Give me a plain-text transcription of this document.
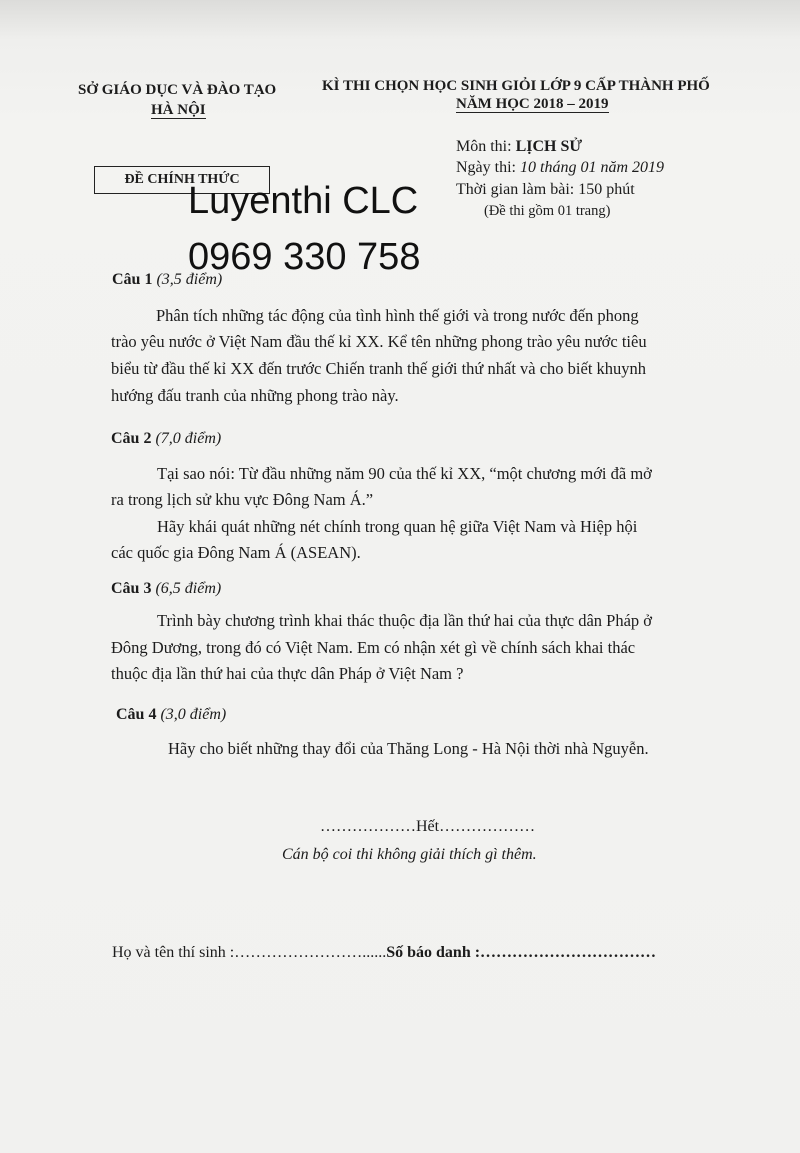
SỞ GIÁO DỤC VÀ ĐÀO TẠO
HÀ NỘI
KÌ THI CHỌN HỌC SINH GIỎI LỚP 9 CẤP THÀNH PHỐ
NĂM HỌC 2018 – 2019
Môn thi: LỊCH SỬ
Ngày thi: 10 tháng 01 năm 2019
Thời gian làm bài: 150 phút
(Đề thi gồm 01 trang)
ĐỀ CHÍNH THỨC
Luyenthi CLC
0969 330 758
Câu 1 (3,5 điểm)
Phân tích những tác động của tình hình thế giới và trong nước đến phong
trào yêu nước ở Việt Nam đầu thế kỉ XX. Kể tên những phong trào yêu nước tiêu
biểu từ đầu thế kỉ XX đến trước Chiến tranh thế giới thứ nhất và cho biết khuynh
hướng đấu tranh của những phong trào này.
Câu 2 (7,0 điểm)
Tại sao nói: Từ đầu những năm 90 của thế kỉ XX, “một chương mới đã mở
ra trong lịch sử khu vực Đông Nam Á.”
Hãy khái quát những nét chính trong quan hệ giữa Việt Nam và Hiệp hội
các quốc gia Đông Nam Á (ASEAN).
Câu 3 (6,5 điểm)
Trình bày chương trình khai thác thuộc địa lần thứ hai của thực dân Pháp ở
Đông Dương, trong đó có Việt Nam. Em có nhận xét gì về chính sách khai thác
thuộc địa lần thứ hai của thực dân Pháp ở Việt Nam ?
Câu 4 (3,0 điểm)
Hãy cho biết những thay đổi của Thăng Long - Hà Nội thời nhà Nguyễn.
………………Hết………………
Cán bộ coi thi không giải thích gì thêm.
Họ và tên thí sinh :……………………......Số báo danh :……………………………
